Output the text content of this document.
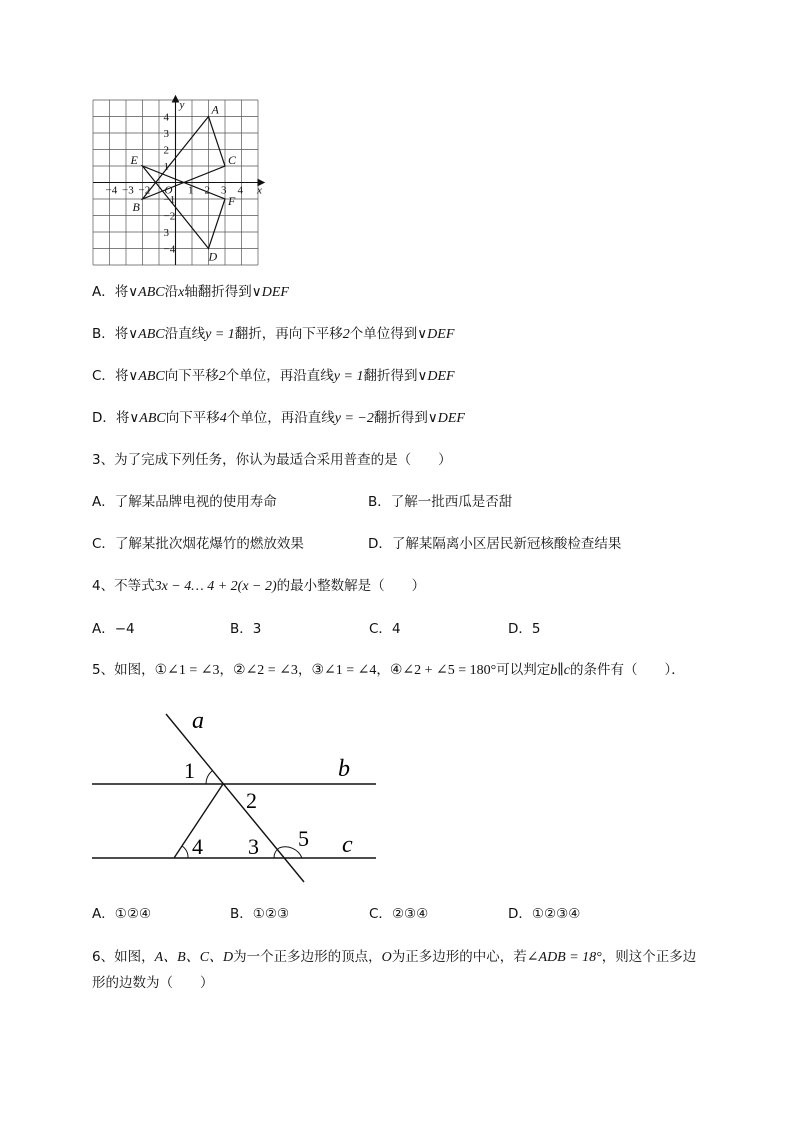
−4 −3 −2	1 2 3 4
4
3
2
1
−1
−2
3
−4
x
y
O
A
B
C
D
E
F
A．将∨ABC沿x轴翻折得到∨DEF
B．将∨ABC沿直线y = 1翻折，再向下平移2个单位得到∨DEF
C．将∨ABC向下平移2个单位，再沿直线y = 1翻折得到∨DEF
D．将∨ABC向下平移4个单位，再沿直线y = −2翻折得到∨DEF
3、为了完成下列任务，你认为最适合采用普查的是（　　）
A．了解某品牌电视的使用寿命	B．了解一批西瓜是否甜
C．了解某批次烟花爆竹的燃放效果	D．了解某隔离小区居民新冠核酸检查结果
4、不等式3x − 4… 4 + 2(x − 2)的最小整数解是（　　）
A．−4	B．3	C．4	D．5
5、如图，①∠1 = ∠3，②∠2 = ∠3，③∠1 = ∠4，④∠2 + ∠5 = 180°可以判定b∥c的条件有（　　）．
a
b
c
1
2
3
4	5
A．①②④	B．①②③	C．②③④	D．①②③④
6、如图，A、B、C、D为一个正多边形的顶点，O为正多边形的中心，若∠ADB = 18°，则这个正多边
形的边数为（　　）
